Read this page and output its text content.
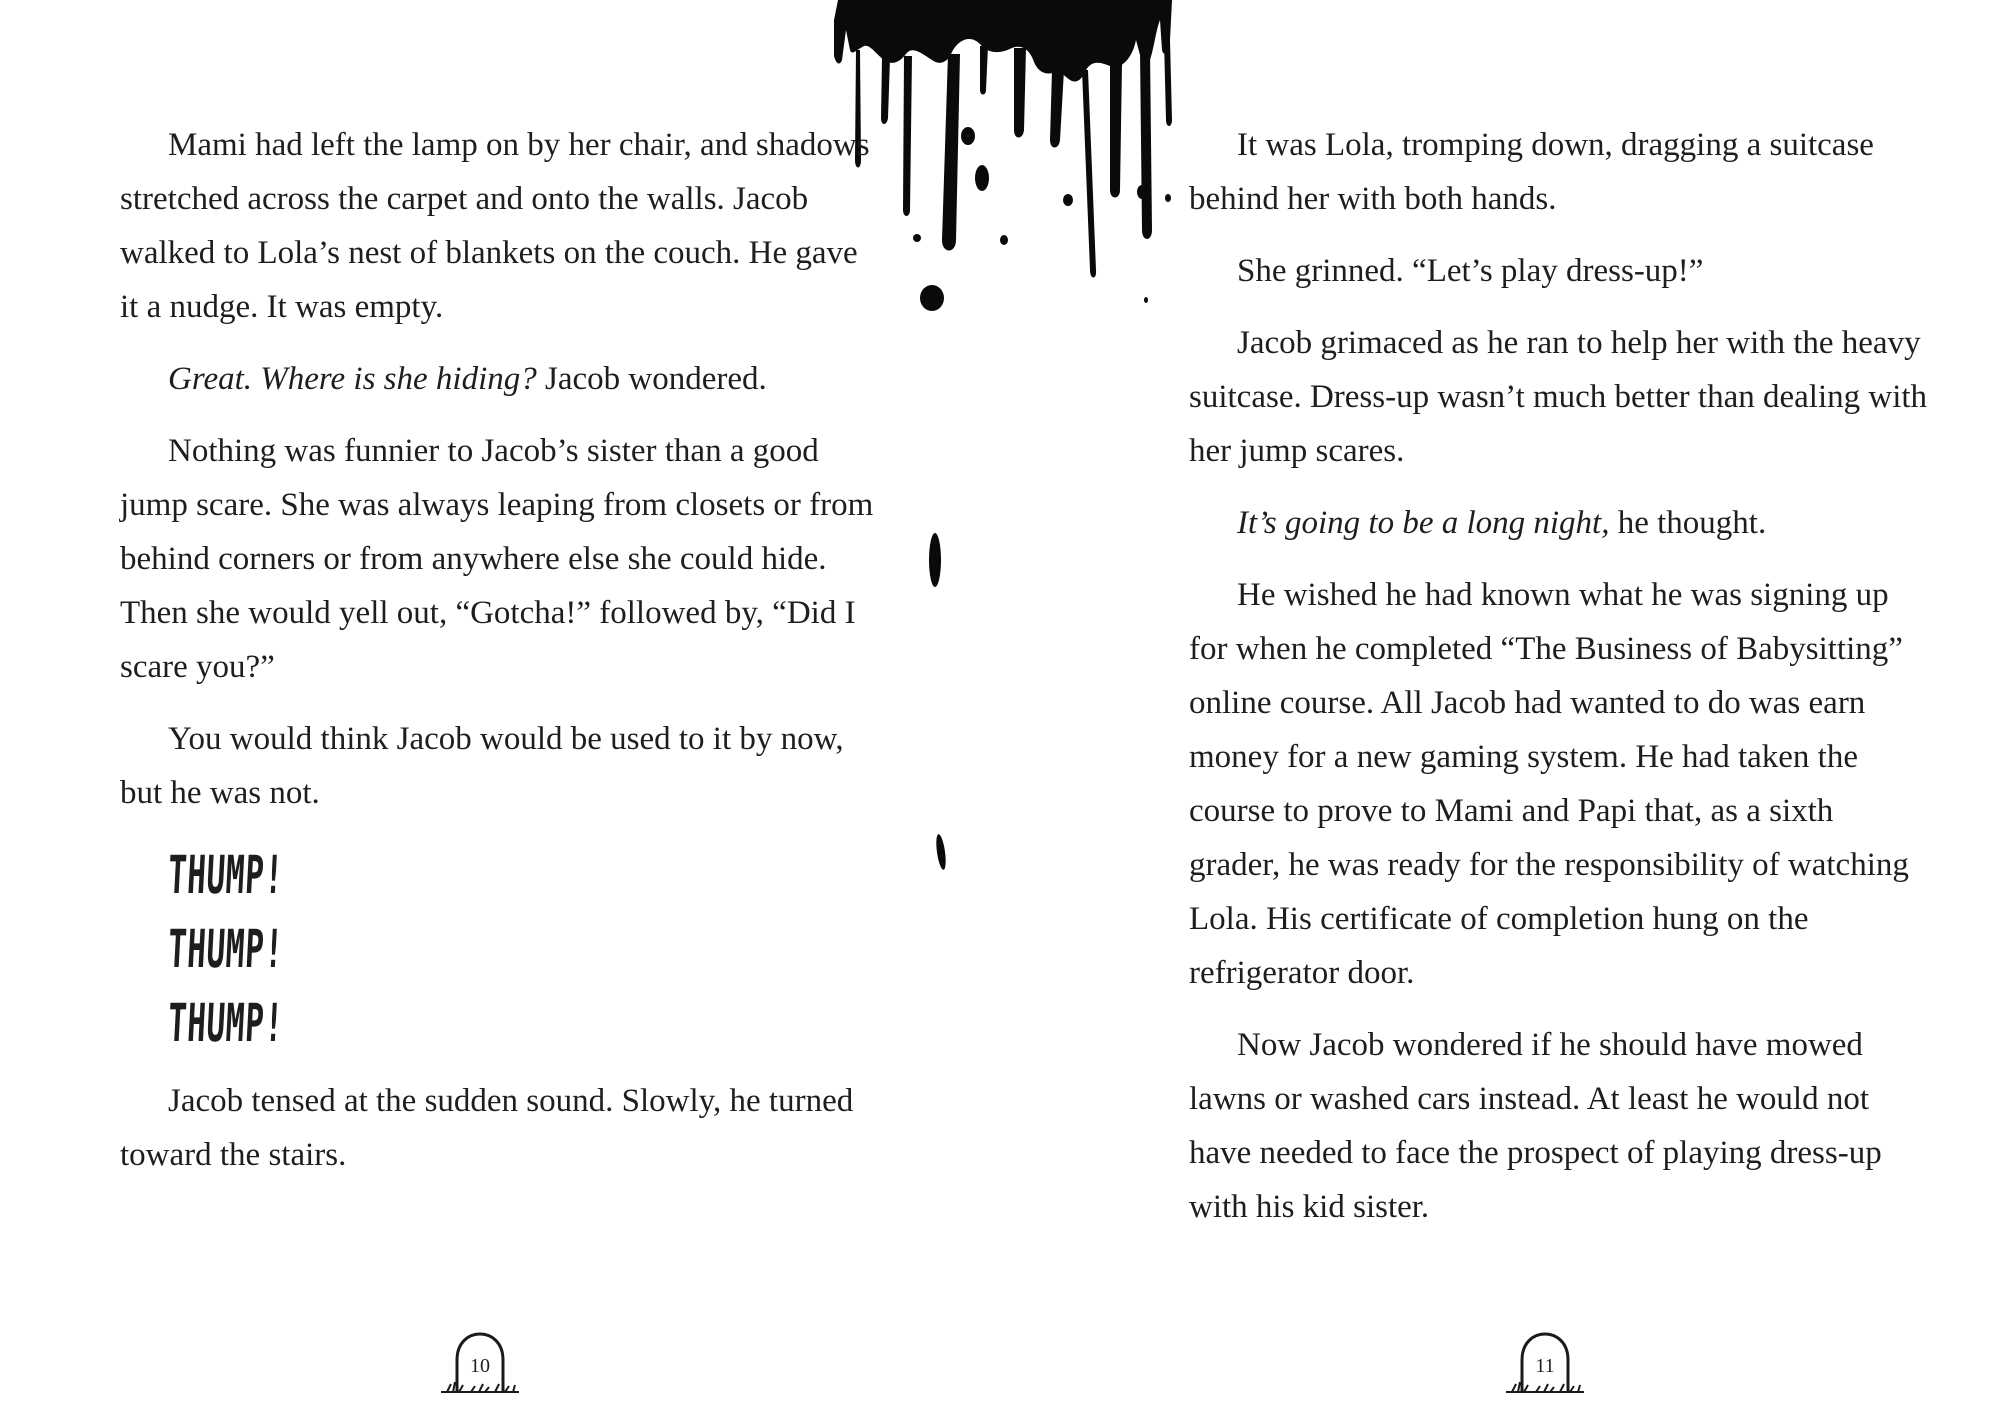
Mami had left the lamp on by her chair, and shadows stretched across the carpet and onto the walls. Jacob walked to Lola’s nest of blankets on the couch. He gave it a nudge. It was empty.

Great. Where is she hiding? Jacob wondered.

Nothing was funnier to Jacob’s sister than a good jump scare. She was always leaping from closets or from behind corners or from anywhere else she could hide. Then she would yell out, “Gotcha!” followed by, “Did I scare you?”

You would think Jacob would be used to it by now, but he was not.

THUMP!
THUMP!
THUMP!

Jacob tensed at the sudden sound. Slowly, he turned toward the stairs.

10

It was Lola, tromping down, dragging a suitcase behind her with both hands.

She grinned. “Let’s play dress-up!”

Jacob grimaced as he ran to help her with the heavy suitcase. Dress-up wasn’t much better than dealing with her jump scares.

It’s going to be a long night, he thought.

He wished he had known what he was signing up for when he completed “The Business of Babysitting” online course. All Jacob had wanted to do was earn money for a new gaming system. He had taken the course to prove to Mami and Papi that, as a sixth grader, he was ready for the responsibility of watching Lola. His certificate of completion hung on the refrigerator door.

Now Jacob wondered if he should have mowed lawns or washed cars instead. At least he would not have needed to face the prospect of playing dress-up with his kid sister.

11
